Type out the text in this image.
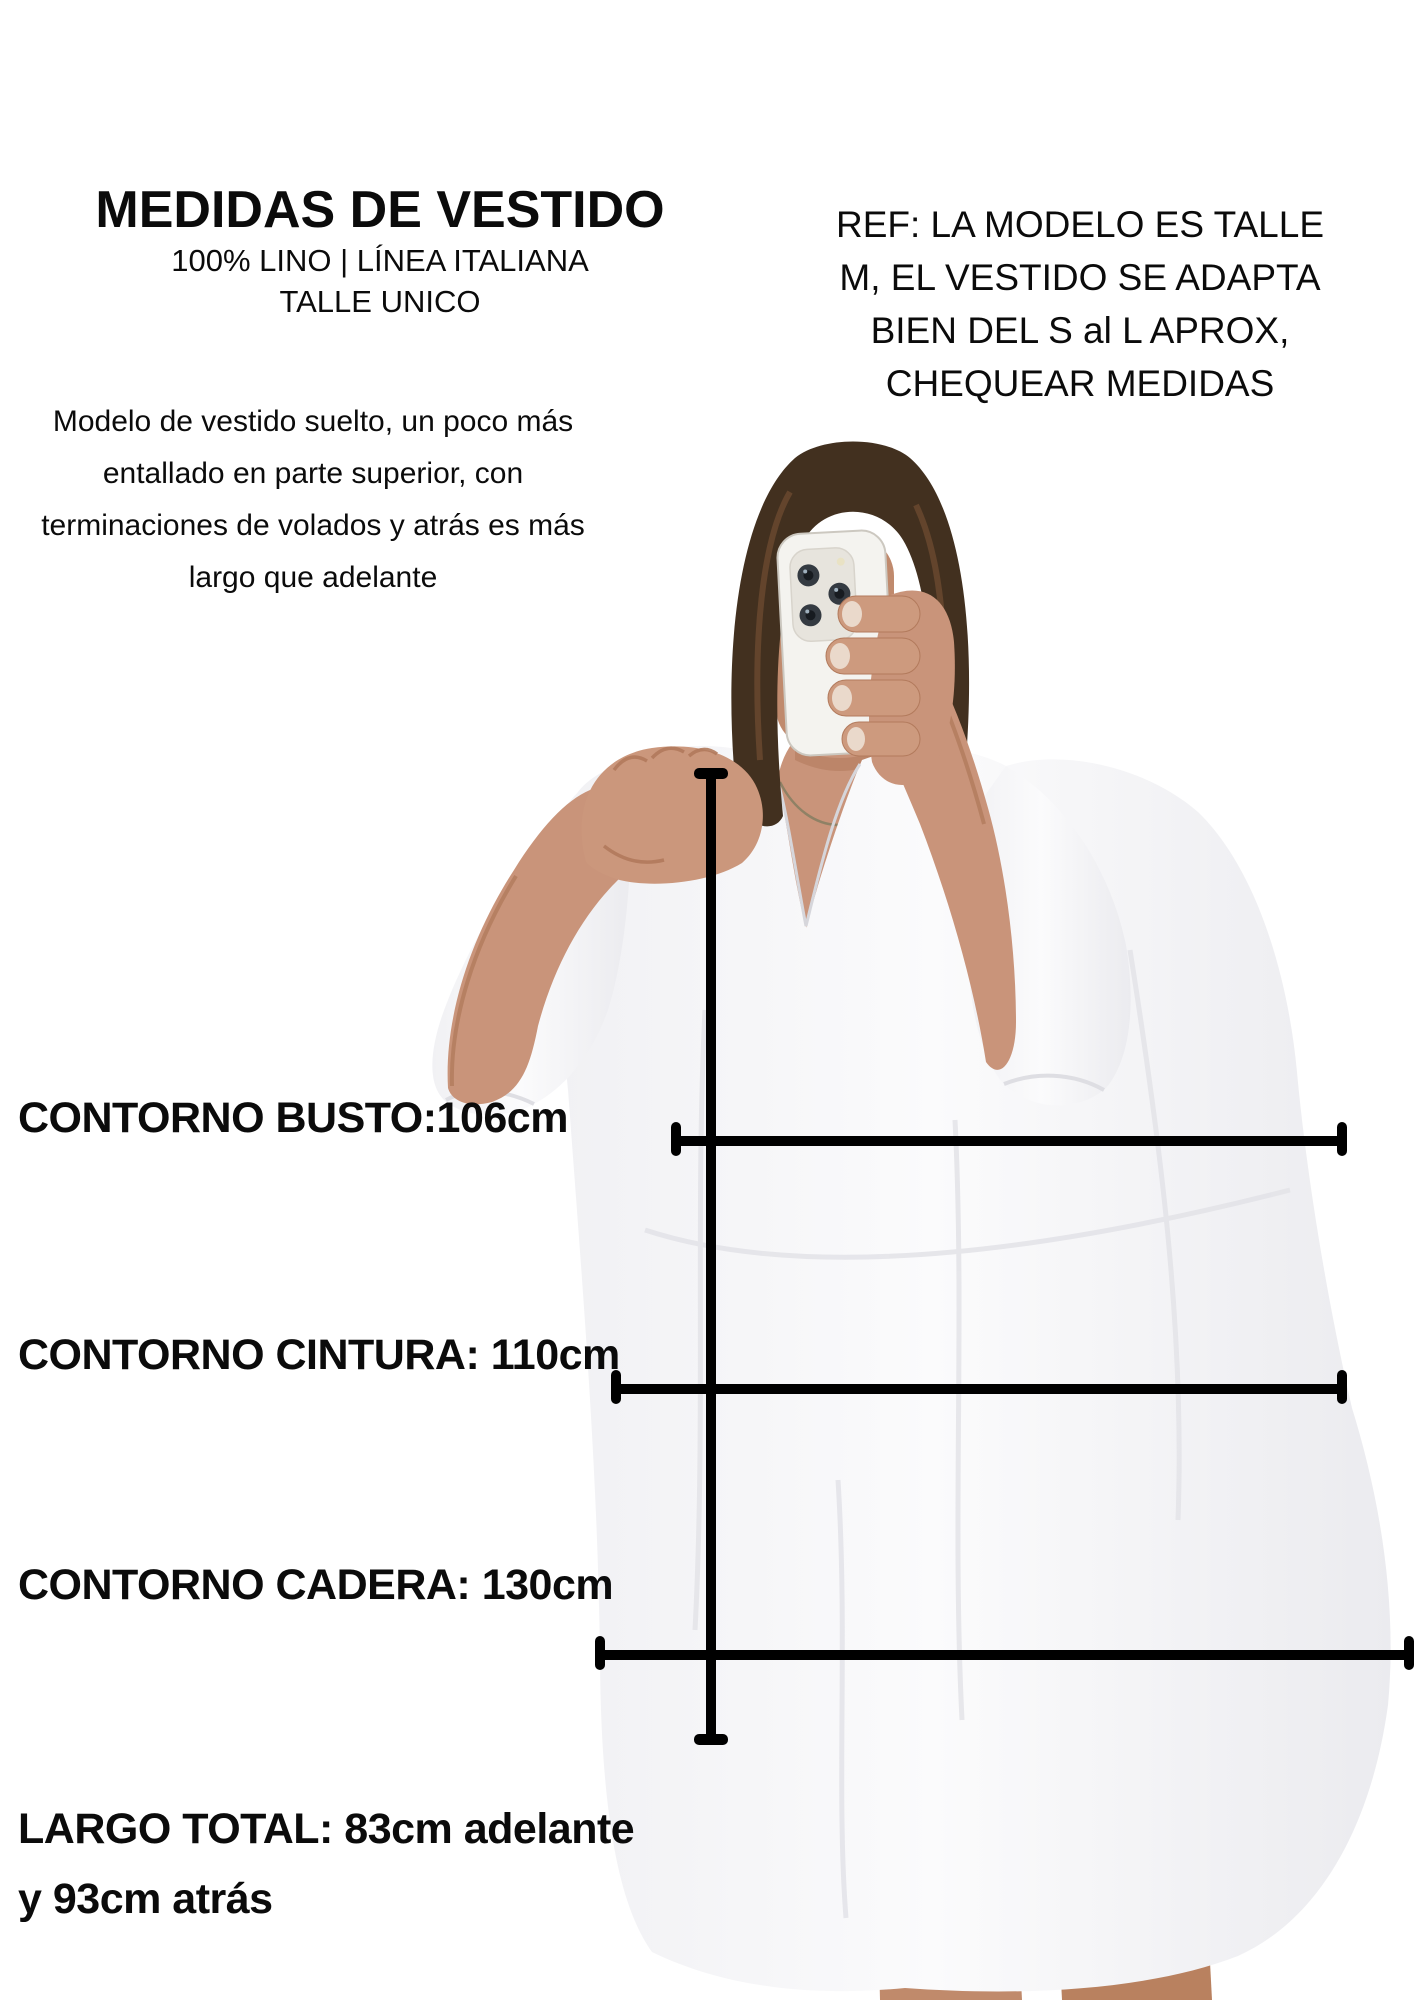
MEDIDAS DE VESTIDO
100% LINO | LÍNEA ITALIANA
TALLE UNICO
REF: LA MODELO ES TALLE
M, EL VESTIDO SE ADAPTA
BIEN DEL S al L APROX,
CHEQUEAR MEDIDAS
Modelo de vestido suelto, un poco más
entallado en parte superior, con
terminaciones de volados y atrás es más
largo que adelante
CONTORNO BUSTO:106cm
CONTORNO CINTURA: 110cm
CONTORNO CADERA: 130cm
LARGO TOTAL: 83cm adelante
y 93cm atrás
